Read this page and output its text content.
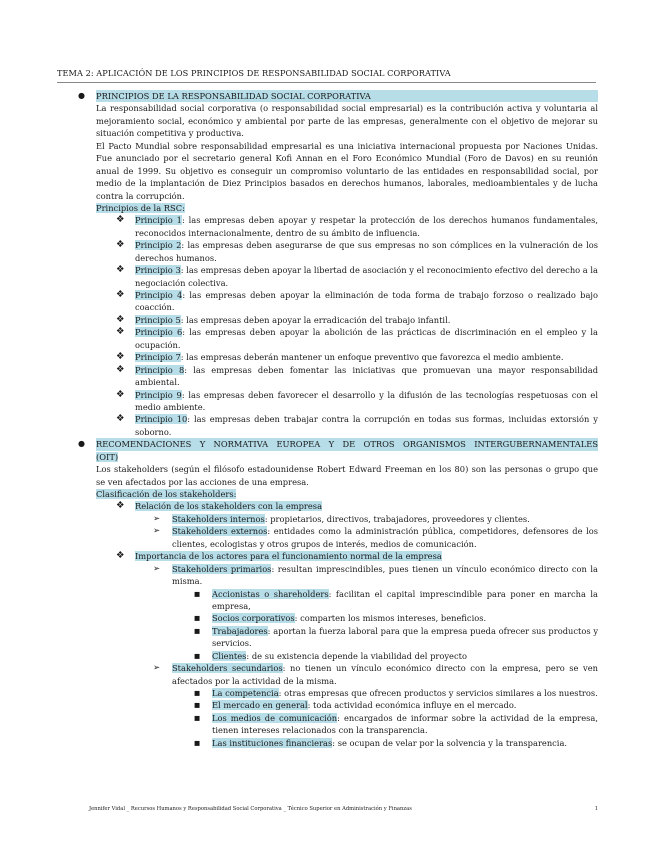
TEMA 2: APLICACIÓN DE LOS PRINCIPIOS DE RESPONSABILIDAD SOCIAL CORPORATIVA
● PRINCIPIOS DE LA RESPONSABILIDAD SOCIAL CORPORATIVA
La responsabilidad social corporativa (o responsabilidad social empresarial) es la contribución activa y voluntaria al
mejoramiento social, económico y ambiental por parte de las empresas, generalmente con el objetivo de mejorar su
situación competitiva y productiva.
El Pacto Mundial sobre responsabilidad empresarial es una iniciativa internacional propuesta por Naciones Unidas.
Fue anunciado por el secretario general Kofi Annan en el Foro Económico Mundial (Foro de Davos) en su reunión
anual de 1999. Su objetivo es conseguir un compromiso voluntario de las entidades en responsabilidad social, por
medio de la implantación de Diez Principios basados en derechos humanos, laborales, medioambientales y de lucha
contra la corrupción.
Principios de la RSC:
❖ Principio 1: las empresas deben apoyar y respetar la protección de los derechos humanos fundamentales,
reconocidos internacionalmente, dentro de su ámbito de influencia.
❖ Principio 2: las empresas deben asegurarse de que sus empresas no son cómplices en la vulneración de los
derechos humanos.
❖ Principio 3: las empresas deben apoyar la libertad de asociación y el reconocimiento efectivo del derecho a la
negociación colectiva.
❖ Principio 4: las empresas deben apoyar la eliminación de toda forma de trabajo forzoso o realizado bajo
coacción.
❖ Principio 5: las empresas deben apoyar la erradicación del trabajo infantil.
❖ Principio 6: las empresas deben apoyar la abolición de las prácticas de discriminación en el empleo y la
ocupación.
❖ Principio 7: las empresas deberán mantener un enfoque preventivo que favorezca el medio ambiente.
❖ Principio 8: las empresas deben fomentar las iniciativas que promuevan una mayor responsabilidad
ambiental.
❖ Principio 9: las empresas deben favorecer el desarrollo y la difusión de las tecnologías respetuosas con el
medio ambiente.
❖ Principio 10: las empresas deben trabajar contra la corrupción en todas sus formas, incluidas extorsión y
soborno.
● RECOMENDACIONES Y NORMATIVA EUROPEA Y DE OTROS ORGANISMOS INTERGUBERNAMENTALES
(OIT)
Los stakeholders (según el filósofo estadounidense Robert Edward Freeman en los 80) son las personas o grupo que
se ven afectados por las acciones de una empresa.
Clasificación de los stakeholders:
❖ Relación de los stakeholders con la empresa
➢ Stakeholders internos: propietarios, directivos, trabajadores, proveedores y clientes.
➢ Stakeholders externos: entidades como la administración pública, competidores, defensores de los
clientes, ecologistas y otros grupos de interés, medios de comunicación.
❖ Importancia de los actores para el funcionamiento normal de la empresa
➢ Stakeholders primarios: resultan imprescindibles, pues tienen un vínculo económico directo con la
misma.
■ Accionistas o shareholders: facilitan el capital imprescindible para poner en marcha la
empresa,
■ Socios corporativos: comparten los mismos intereses, beneficios.
■ Trabajadores: aportan la fuerza laboral para que la empresa pueda ofrecer sus productos y
servicios.
■ Clientes: de su existencia depende la viabilidad del proyecto
➢ Stakeholders secundarios: no tienen un vínculo económico directo con la empresa, pero se ven
afectados por la actividad de la misma.
■ La competencia: otras empresas que ofrecen productos y servicios similares a los nuestros.
■ El mercado en general: toda actividad económica influye en el mercado.
■ Los medios de comunicación: encargados de informar sobre la actividad de la empresa,
tienen intereses relacionados con la transparencia.
■ Las instituciones financieras: se ocupan de velar por la solvencia y la transparencia.
Jennifer Vidal _ Recursos Humanos y Responsabilidad Social Corporativa _ Técnico Superior en Administración y Finanzas	1
